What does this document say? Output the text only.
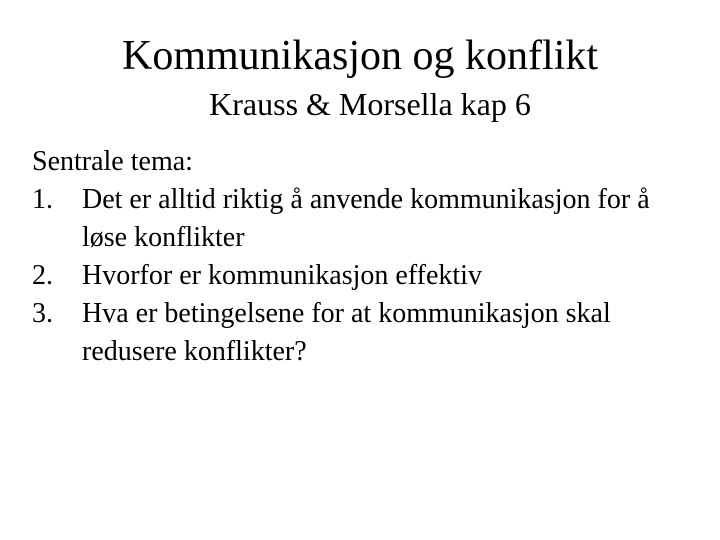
Kommunikasjon og konflikt
Krauss & Morsella kap 6
Sentrale tema:
1.	Det er alltid riktig å anvende kommunikasjon for å løse konflikter
2.	Hvorfor er kommunikasjon effektiv
3.	Hva er betingelsene for at kommunikasjon skal redusere konflikter?
